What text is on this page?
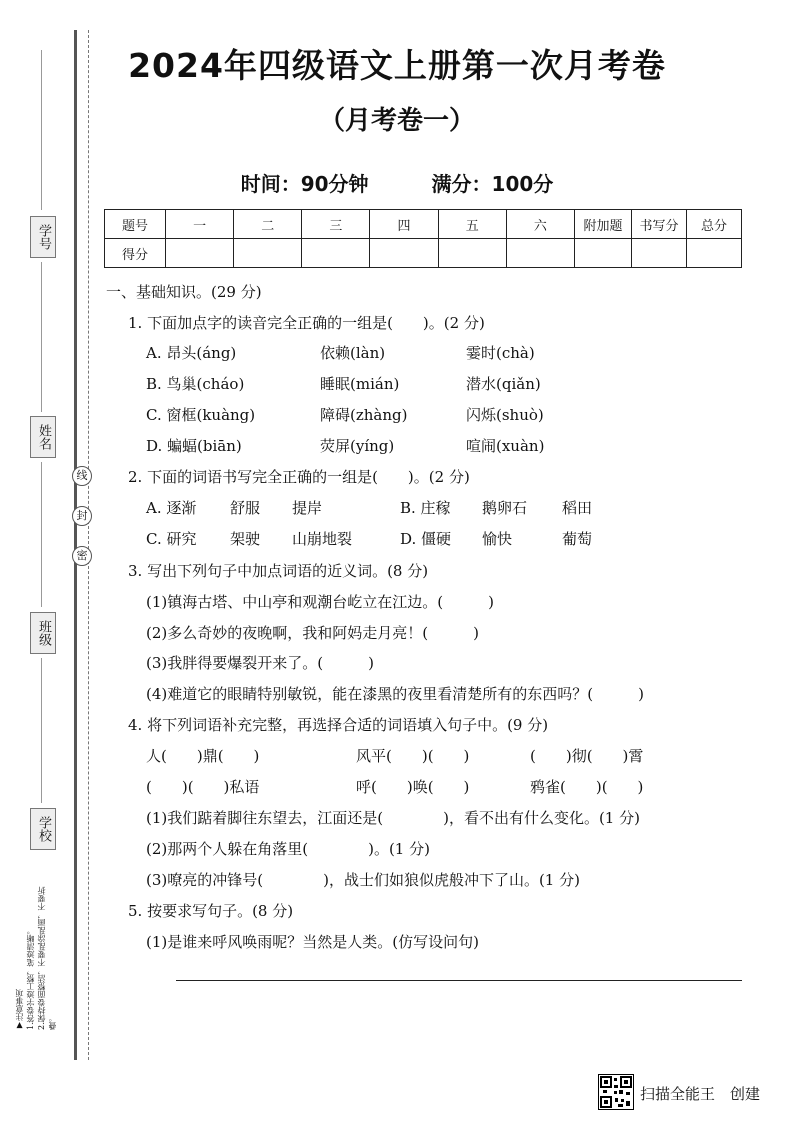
学号
姓名
班级
学校
线
封
密
▼注意事项 1.答卷字迹工整，笔迹清晰。 2.保持卷面整洁，不要乱涂乱画，不要折叠。
2024年四级语文上册第一次月考卷
（月考卷一）
时间：90分钟	满分：100分
题号	一	二	三	四	五	六	附加题	书写分	总分
得分									
一、基础知识。(29 分)
1. 下面加点字的读音完全正确的一组是(　　)。(2 分)
A. 昂头(áng)	依赖(làn)	霎时(chà)
B. 鸟巢(cháo)	睡眠(mián)	潜水(qiǎn)
C. 窗框(kuàng)	障碍(zhàng)	闪烁(shuò)
D. 蝙蝠(biān)	荧屏(yíng)	喧闹(xuàn)
2. 下面的词语书写完全正确的一组是(　　)。(2 分)
A. 逐渐 舒服 提岸	B. 庄稼 鹅卵石 稻田
C. 研究 架驶 山崩地裂	D. 僵硬 愉快	葡萄
3. 写出下列句子中加点词语的近义词。(8 分)
(1)镇海古塔、中山亭和观潮台屹立在江边。(　　　)
(2)多么奇妙的夜晚啊，我和阿妈走月亮！(　　　)
(3)我胖得要爆裂开来了。(　　　)
(4)难道它的眼睛特别敏锐，能在漆黑的夜里看清楚所有的东西吗？(　　　)
4. 将下列词语补充完整，再选择合适的词语填入句子中。(9 分)
人(　　)鼎(　　)	风平(　　)(　　)	(　　)彻(　　)霄
(　　)(　　)私语	呼(　　)唤(　　)	鸦雀(　　)(　　)
(1)我们踮着脚往东望去，江面还是(　　　　)，看不出有什么变化。(1 分)
(2)那两个人躲在角落里(　　　　)。(1 分)
(3)嘹亮的冲锋号(　　　　)，战士们如狼似虎般冲下了山。(1 分)
5. 按要求写句子。(8 分)
(1)是谁来呼风唤雨呢？当然是人类。(仿写设问句)
扫描全能王　创建
